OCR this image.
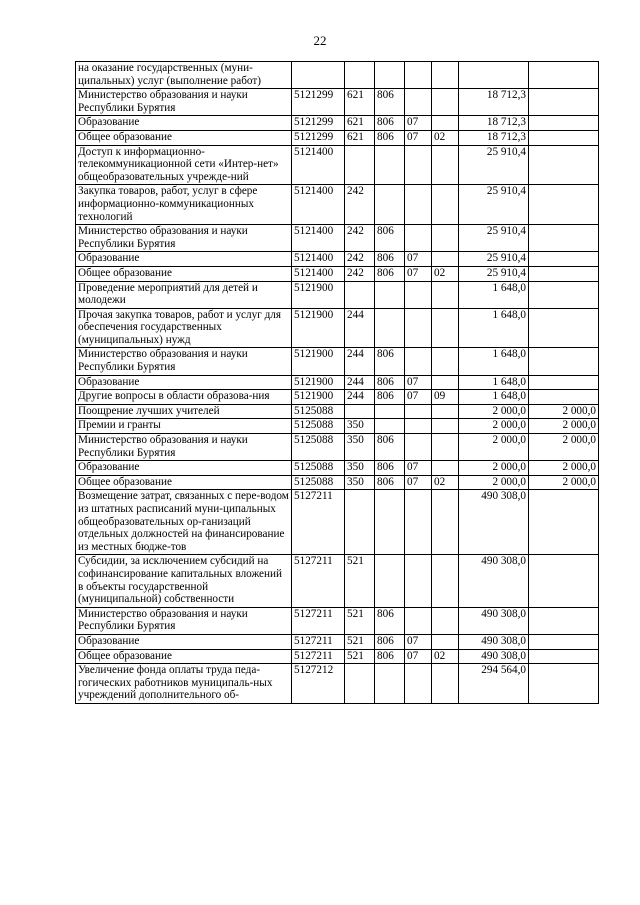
22
на оказание государственных (муни-ципальных) услуг (выполнение работ)							
Министерство образования и науки Республики Бурятия	5121299	621	806			18 712,3	
Образование	5121299	621	806	07		18 712,3	
Общее образование	5121299	621	806	07	02	18 712,3	
Доступ к информационно-телекоммуникационной сети «Интер-нет» общеобразовательных учрежде-ний	5121400					25 910,4	
Закупка товаров, работ, услуг в сфере информационно-коммуникационных технологий	5121400	242				25 910,4	
Министерство образования и науки Республики Бурятия	5121400	242	806			25 910,4	
Образование	5121400	242	806	07		25 910,4	
Общее образование	5121400	242	806	07	02	25 910,4	
Проведение мероприятий для детей и молодежи	5121900					1 648,0	
Прочая закупка товаров, работ и услуг для обеспечения государственных (муниципальных) нужд	5121900	244				1 648,0	
Министерство образования и науки Республики Бурятия	5121900	244	806			1 648,0	
Образование	5121900	244	806	07		1 648,0	
Другие вопросы в области образова-ния	5121900	244	806	07	09	1 648,0	
Поощрение лучших учителей	5125088					2 000,0	2 000,0
Премии и гранты	5125088	350				2 000,0	2 000,0
Министерство образования и науки Республики Бурятия	5125088	350	806			2 000,0	2 000,0
Образование	5125088	350	806	07		2 000,0	2 000,0
Общее образование	5125088	350	806	07	02	2 000,0	2 000,0
Возмещение затрат, связанных с пере-водом из штатных расписаний муни-ципальных общеобразовательных ор-ганизаций отдельных должностей на финансирование из местных бюдже-тов	5127211					490 308,0	
Субсидии, за исключением субсидий на софинансирование капитальных вложений в объекты государственной (муниципальной) собственности	5127211	521				490 308,0	
Министерство образования и науки Республики Бурятия	5127211	521	806			490 308,0	
Образование	5127211	521	806	07		490 308,0	
Общее образование	5127211	521	806	07	02	490 308,0	
Увеличение фонда оплаты труда педа-гогических работников муниципаль-ных учреждений дополнительного об-	5127212					294 564,0	
